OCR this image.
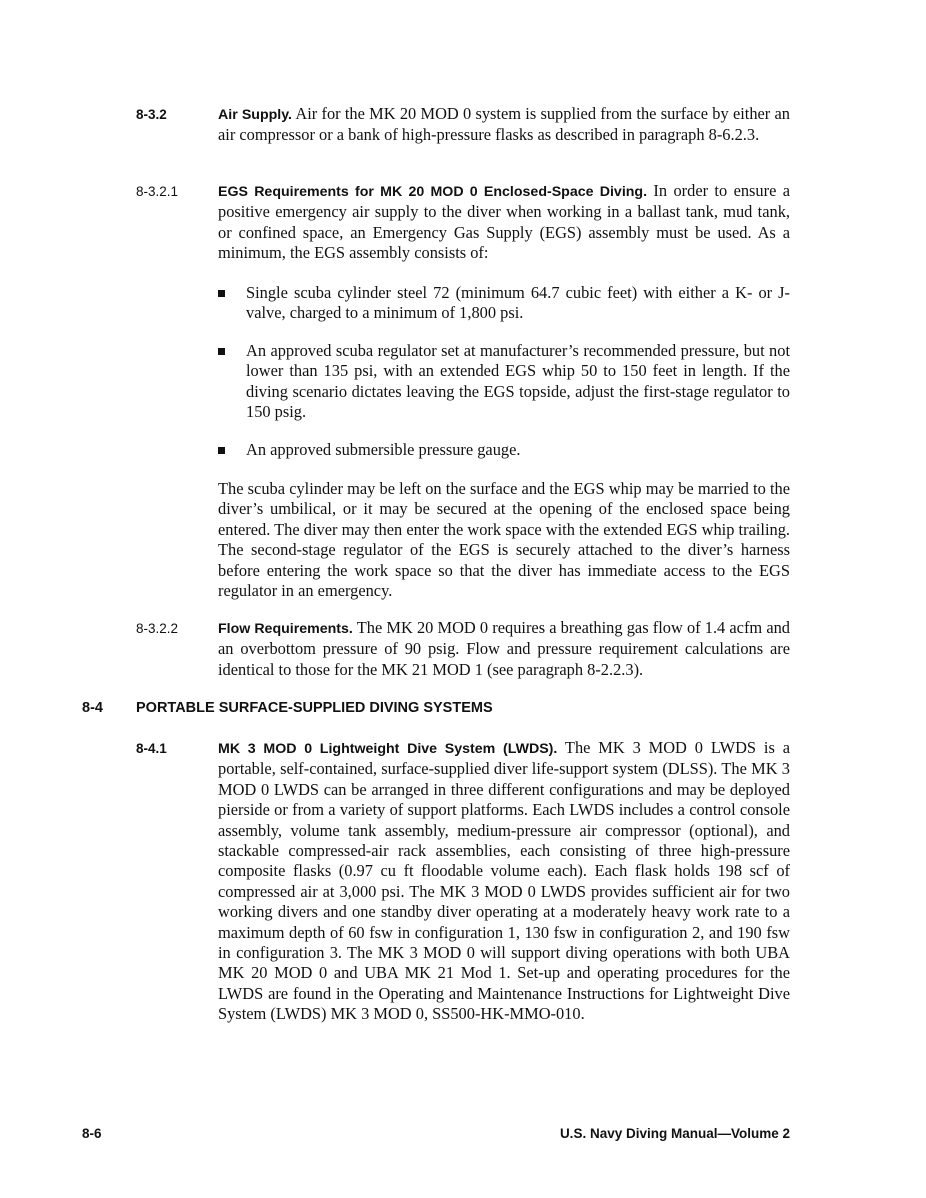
8-3.2	Air Supply. Air for the MK 20 MOD 0 system is supplied from the surface by either an air compressor or a bank of high-pressure flasks as described in paragraph 8-6.2.3.
8-3.2.1	EGS Requirements for MK 20 MOD 0 Enclosed-Space Diving. In order to ensure a positive emergency air supply to the diver when working in a ballast tank, mud tank, or confined space, an Emergency Gas Supply (EGS) assembly must be used. As a minimum, the EGS assembly consists of:
Single scuba cylinder steel 72 (minimum 64.7 cubic feet) with either a K- or J-valve, charged to a minimum of 1,800 psi.
An approved scuba regulator set at manufacturer’s recommended pressure, but not lower than 135 psi, with an extended EGS whip 50 to 150 feet in length. If the diving scenario dictates leaving the EGS topside, adjust the first-stage regulator to 150 psig.
An approved submersible pressure gauge.
The scuba cylinder may be left on the surface and the EGS whip may be married to the diver’s umbilical, or it may be secured at the opening of the enclosed space being entered. The diver may then enter the work space with the extended EGS whip trailing. The second-stage regulator of the EGS is securely attached to the diver’s harness before entering the work space so that the diver has immediate access to the EGS regulator in an emergency.
8-3.2.2	Flow Requirements. The MK 20 MOD 0 requires a breathing gas flow of 1.4 acfm and an overbottom pressure of 90 psig. Flow and pressure requirement calculations are identical to those for the MK 21 MOD 1 (see paragraph 8-2.2.3).
8-4 PORTABLE SURFACE-SUPPLIED DIVING SYSTEMS
8-4.1	MK 3 MOD 0 Lightweight Dive System (LWDS). The MK 3 MOD 0 LWDS is a portable, self-contained, surface-supplied diver life-support system (DLSS). The MK 3 MOD 0 LWDS can be arranged in three different configurations and may be deployed pierside or from a variety of support platforms. Each LWDS includes a control console assembly, volume tank assembly, medium-pressure air compressor (optional), and stackable compressed-air rack assemblies, each consisting of three high-pressure composite flasks (0.97 cu ft floodable volume each). Each flask holds 198 scf of compressed air at 3,000 psi. The MK 3 MOD 0 LWDS provides sufficient air for two working divers and one standby diver operating at a moderately heavy work rate to a maximum depth of 60 fsw in configuration 1, 130 fsw in configuration 2, and 190 fsw in configuration 3. The MK 3 MOD 0 will support diving operations with both UBA MK 20 MOD 0 and UBA MK 21 Mod 1. Set-up and operating procedures for the LWDS are found in the Operating and Maintenance Instructions for Lightweight Dive System (LWDS) MK 3 MOD 0, SS500-HK-MMO-010.
8-6	U.S. Navy Diving Manual—Volume 2
